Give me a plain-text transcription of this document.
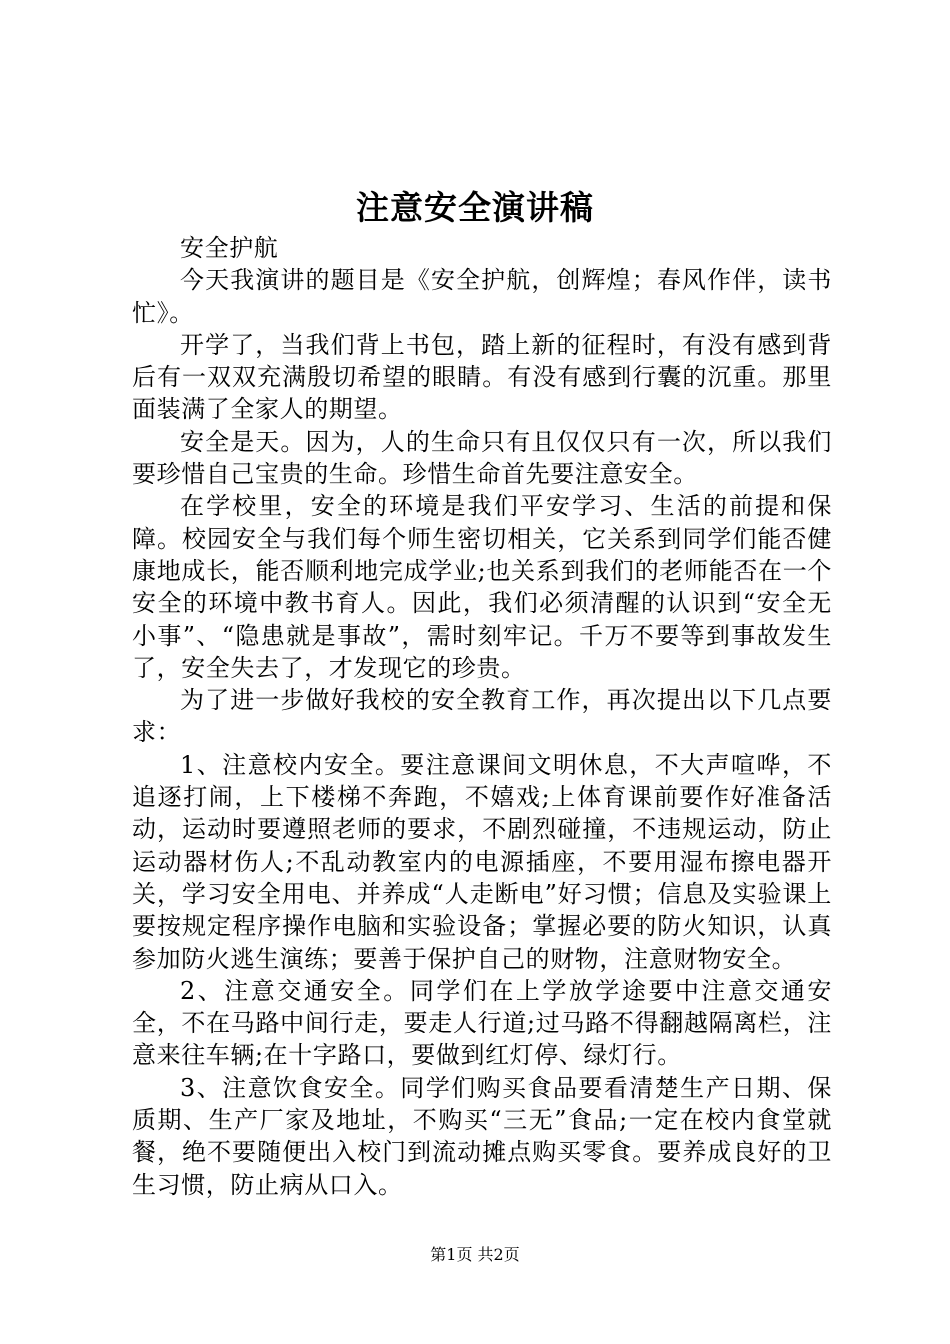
注意安全演讲稿

安全护航

今天我演讲的题目是《安全护航，创辉煌；春风作伴，读书忙》。

开学了，当我们背上书包，踏上新的征程时，有没有感到背后有一双双充满殷切希望的眼睛。有没有感到行囊的沉重。那里面装满了全家人的期望。

安全是天。因为，人的生命只有且仅仅只有一次，所以我们要珍惜自己宝贵的生命。珍惜生命首先要注意安全。

在学校里，安全的环境是我们平安学习、生活的前提和保障。校园安全与我们每个师生密切相关，它关系到同学们能否健康地成长，能否顺利地完成学业;也关系到我们的老师能否在一个安全的环境中教书育人。因此，我们必须清醒的认识到“安全无小事”、“隐患就是事故”，需时刻牢记。千万不要等到事故发生了，安全失去了，才发现它的珍贵。

为了进一步做好我校的安全教育工作，再次提出以下几点要求：

1、注意校内安全。要注意课间文明休息，不大声喧哗，不追逐打闹，上下楼梯不奔跑，不嬉戏;上体育课前要作好准备活动，运动时要遵照老师的要求，不剧烈碰撞，不违规运动，防止运动器材伤人;不乱动教室内的电源插座，不要用湿布擦电器开关，学习安全用电、并养成“人走断电”好习惯；信息及实验课上要按规定程序操作电脑和实验设备；掌握必要的防火知识，认真参加防火逃生演练；要善于保护自己的财物，注意财物安全。

2、注意交通安全。同学们在上学放学途要中注意交通安全，不在马路中间行走，要走人行道;过马路不得翻越隔离栏，注意来往车辆;在十字路口，要做到红灯停、绿灯行。

3、注意饮食安全。同学们购买食品要看清楚生产日期、保质期、生产厂家及地址，不购买“三无”食品;一定在校内食堂就餐，绝不要随便出入校门到流动摊点购买零食。要养成良好的卫生习惯，防止病从口入。

第1页 共2页
